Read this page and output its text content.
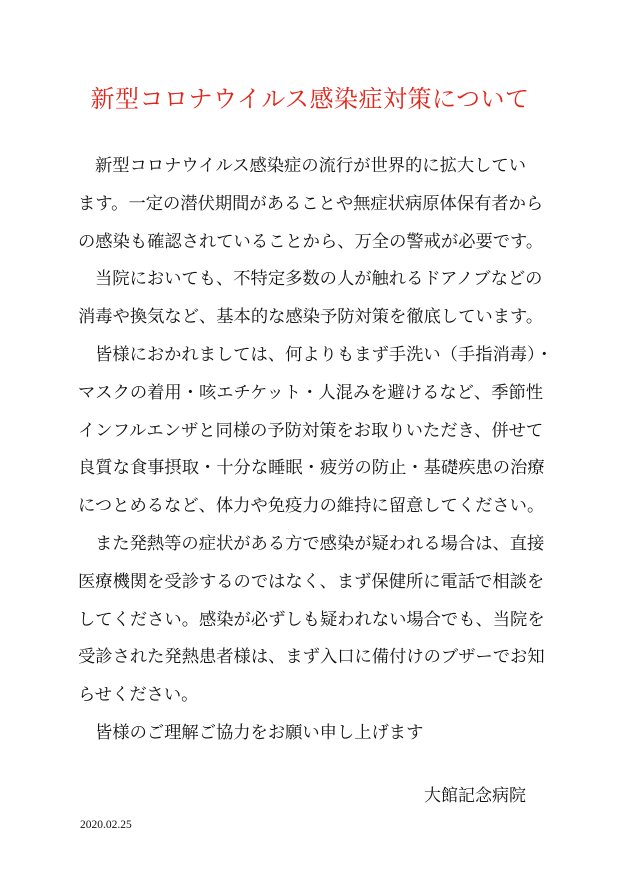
新型コロナウイルス感染症対策について
新型コロナウイルス感染症の流行が世界的に拡大してい
ます。一定の潜伏期間があることや無症状病原体保有者から
の感染も確認されていることから、万全の警戒が必要です。
当院においても、不特定多数の人が触れるドアノブなどの
消毒や換気など、基本的な感染予防対策を徹底しています。
皆様におかれましては、何よりもまず手洗い（手指消毒）・
マスクの着用・咳エチケット・人混みを避けるなど、季節性
インフルエンザと同様の予防対策をお取りいただき、併せて
良質な食事摂取・十分な睡眠・疲労の防止・基礎疾患の治療
につとめるなど、体力や免疫力の維持に留意してください。
また発熱等の症状がある方で感染が疑われる場合は、直接
医療機関を受診するのではなく、まず保健所に電話で相談を
してください。感染が必ずしも疑われない場合でも、当院を
受診された発熱患者様は、まず入口に備付けのブザーでお知
らせください。
皆様のご理解ご協力をお願い申し上げます
大館記念病院
2020.02.25
